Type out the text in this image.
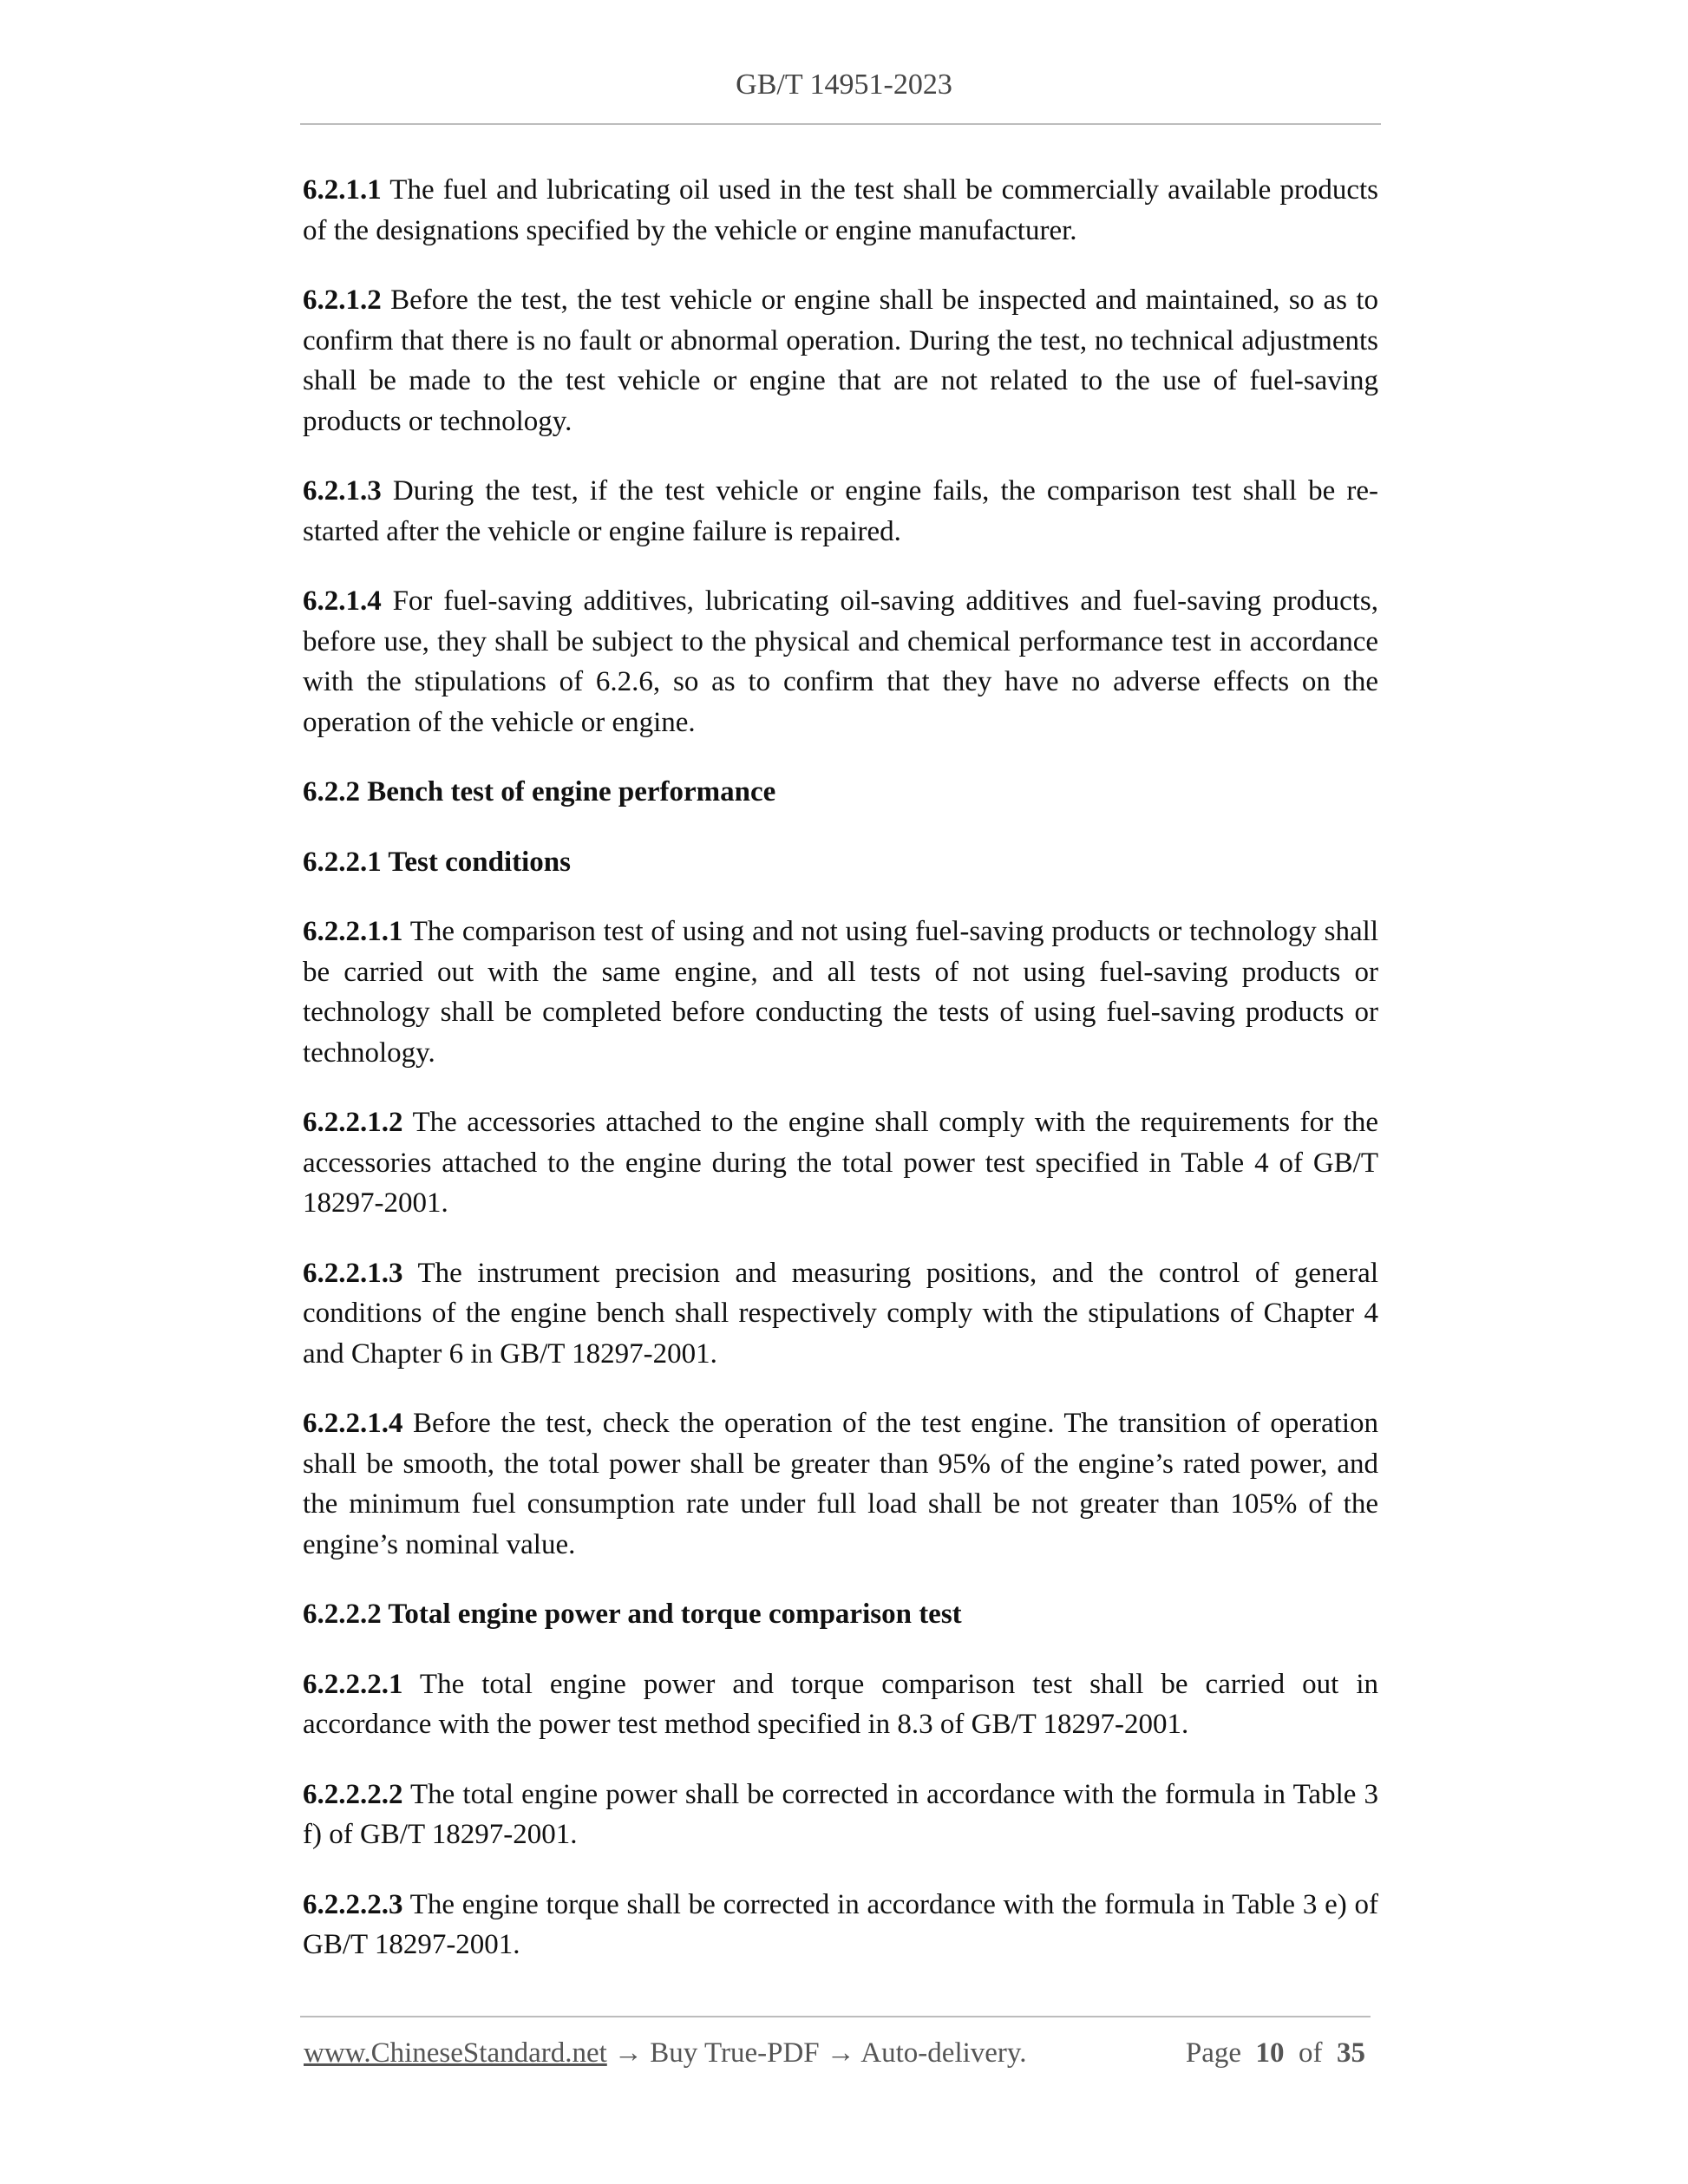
GB/T 14951-2023

6.2.1.1 The fuel and lubricating oil used in the test shall be commercially available products of the designations specified by the vehicle or engine manufacturer.

6.2.1.2 Before the test, the test vehicle or engine shall be inspected and maintained, so as to confirm that there is no fault or abnormal operation. During the test, no technical adjustments shall be made to the test vehicle or engine that are not related to the use of fuel-saving products or technology.

6.2.1.3 During the test, if the test vehicle or engine fails, the comparison test shall be re-started after the vehicle or engine failure is repaired.

6.2.1.4 For fuel-saving additives, lubricating oil-saving additives and fuel-saving products, before use, they shall be subject to the physical and chemical performance test in accordance with the stipulations of 6.2.6, so as to confirm that they have no adverse effects on the operation of the vehicle or engine.

6.2.2 Bench test of engine performance

6.2.2.1 Test conditions

6.2.2.1.1 The comparison test of using and not using fuel-saving products or technology shall be carried out with the same engine, and all tests of not using fuel-saving products or technology shall be completed before conducting the tests of using fuel-saving products or technology.

6.2.2.1.2 The accessories attached to the engine shall comply with the requirements for the accessories attached to the engine during the total power test specified in Table 4 of GB/T 18297-2001.

6.2.2.1.3 The instrument precision and measuring positions, and the control of general conditions of the engine bench shall respectively comply with the stipulations of Chapter 4 and Chapter 6 in GB/T 18297-2001.

6.2.2.1.4 Before the test, check the operation of the test engine. The transition of operation shall be smooth, the total power shall be greater than 95% of the engine’s rated power, and the minimum fuel consumption rate under full load shall be not greater than 105% of the engine’s nominal value.

6.2.2.2 Total engine power and torque comparison test

6.2.2.2.1 The total engine power and torque comparison test shall be carried out in accordance with the power test method specified in 8.3 of GB/T 18297-2001.

6.2.2.2.2 The total engine power shall be corrected in accordance with the formula in Table 3 f) of GB/T 18297-2001.

6.2.2.2.3 The engine torque shall be corrected in accordance with the formula in Table 3 e) of GB/T 18297-2001.

www.ChineseStandard.net → Buy True-PDF → Auto-delivery.	Page 10 of 35
